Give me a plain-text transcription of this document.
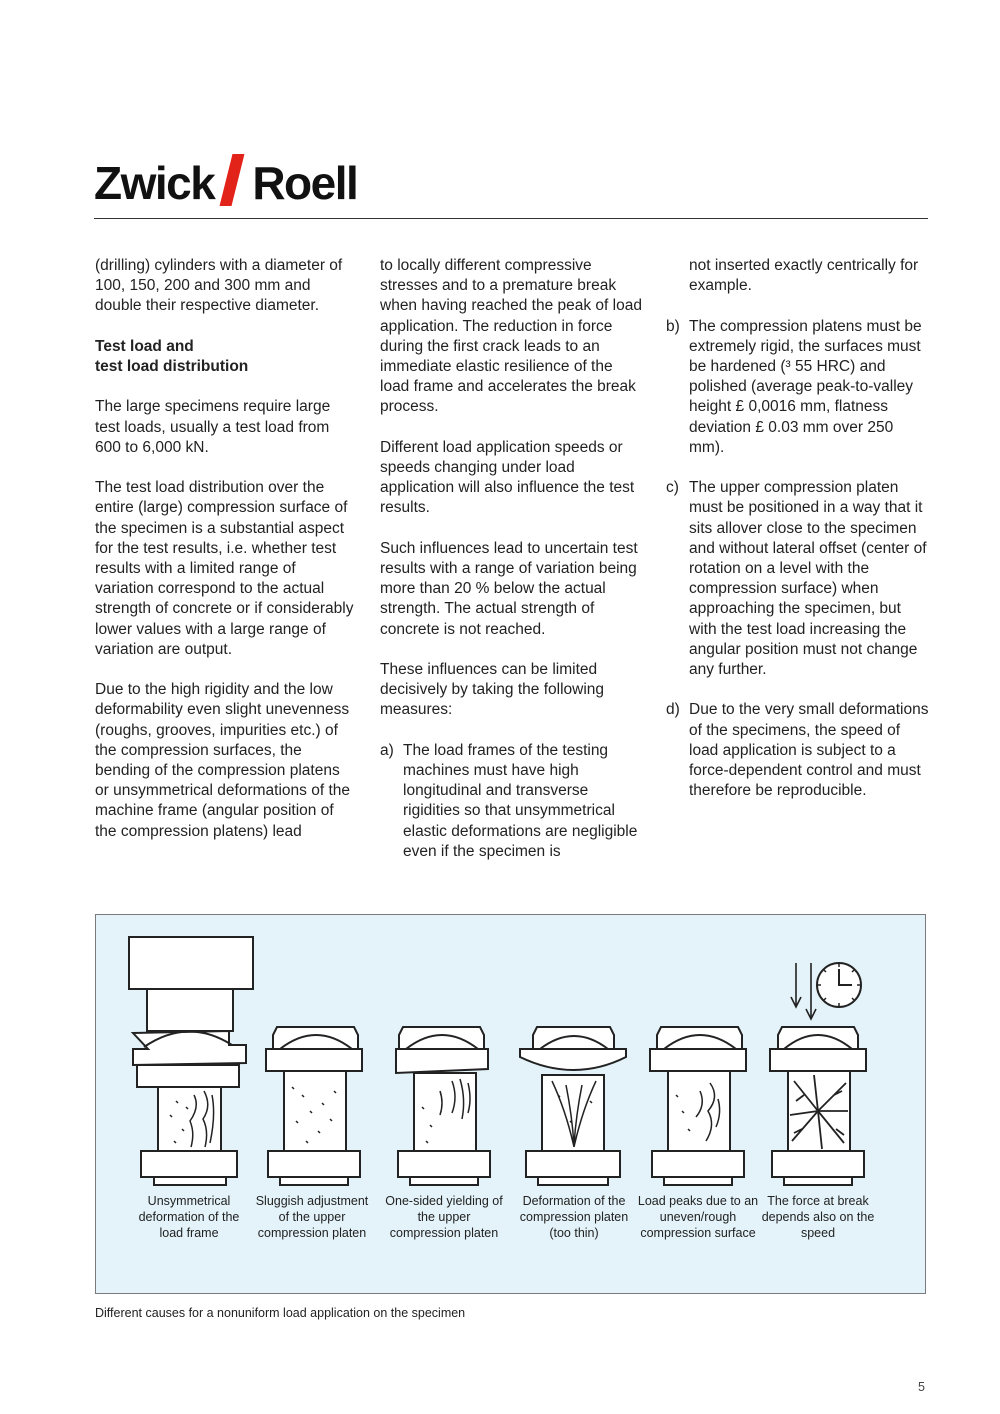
Zwick Roell

(drilling) cylinders with a diameter of 100, 150, 200 and 300 mm and double their respective diameter.

Test load and
test load distribution

The large specimens require large test loads, usually a test load from 600 to 6,000 kN.

The test load distribution over the entire (large) compression surface of the specimen is a substantial aspect for the test results, i.e. whether test results with a limited range of variation correspond to the actual strength of concrete or if considerably lower values with a large range of variation are output.

Due to the high rigidity and the low deformability even slight unevenness (roughs, grooves, impurities etc.) of the compression surfaces, the bending of the compression platens or unsymmetrical deformations of the machine frame (angular position of the compression platens) lead

to locally different compressive stresses and to a premature break when having reached the peak of load application. The reduction in force during the first crack leads to an immediate elastic resilience of the load frame and accelerates the break process.

Different load application speeds or speeds changing under load application will also influence the test results.

Such influences lead to uncertain test results with a range of variation being more than 20 % below the actual strength. The actual strength of concrete is not reached.

These influences can be limited decisively by taking the following measures:

a) The load frames of the testing machines must have high longitudinal and transverse rigidities so that unsymmetrical elastic deformations are negligible even if the specimen is
not inserted exactly centrically for example.
b) The compression platens must be extremely rigid, the surfaces must be hardened (³ 55 HRC) and polished (average peak-to-valley height £ 0,0016 mm, flatness deviation £ 0.03 mm over 250 mm).
c) The upper compression platen must be positioned in a way that it sits allover close to the specimen and without lateral offset (center of rotation on a level with the compression surface) when approaching the specimen, but with the test load increasing the angular position must not change any further.
d) Due to the very small deformations of the specimens, the speed of load application is subject to a force-dependent control and must therefore be reproducible.
Unsymmetrical deformation of the load frame
Sluggish adjustment of the upper compression platen
One-sided yielding of the upper compression platen
Deformation of the compression platen (too thin)
Load peaks due to an uneven/rough compression surface
The force at break depends also on the speed
Different causes for a nonuniform load application on the specimen
5
